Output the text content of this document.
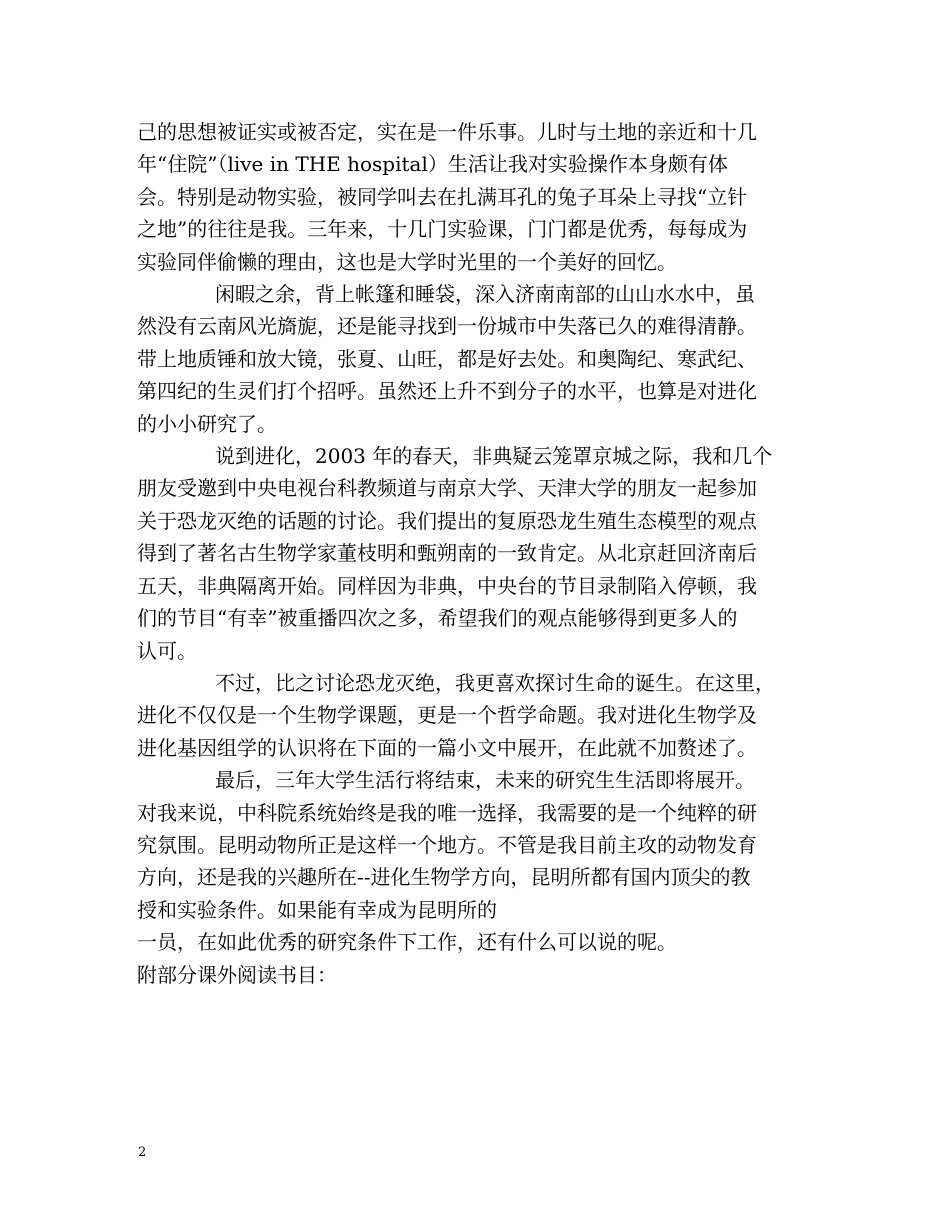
己的思想被证实或被否定，实在是一件乐事。儿时与土地的亲近和十几
年“住院”（live in THE hospital）生活让我对实验操作本身颇有体
会。特别是动物实验，被同学叫去在扎满耳孔的兔子耳朵上寻找“立针
之地”的往往是我。三年来，十几门实验课，门门都是优秀，每每成为
实验同伴偷懒的理由，这也是大学时光里的一个美好的回忆。

闲暇之余，背上帐篷和睡袋，深入济南南部的山山水水中，虽
然没有云南风光旖旎，还是能寻找到一份城市中失落已久的难得清静。
带上地质锤和放大镜，张夏、山旺，都是好去处。和奥陶纪、寒武纪、
第四纪的生灵们打个招呼。虽然还上升不到分子的水平，也算是对进化
的小小研究了。

说到进化，2003 年的春天，非典疑云笼罩京城之际，我和几个
朋友受邀到中央电视台科教频道与南京大学、天津大学的朋友一起参加
关于恐龙灭绝的话题的讨论。我们提出的复原恐龙生殖生态模型的观点
得到了著名古生物学家董枝明和甄朔南的一致肯定。从北京赶回济南后
五天，非典隔离开始。同样因为非典，中央台的节目录制陷入停顿，我
们的节目“有幸”被重播四次之多，希望我们的观点能够得到更多人的
认可。

不过，比之讨论恐龙灭绝，我更喜欢探讨生命的诞生。在这里，
进化不仅仅是一个生物学课题，更是一个哲学命题。我对进化生物学及
进化基因组学的认识将在下面的一篇小文中展开，在此就不加赘述了。

最后，三年大学生活行将结束，未来的研究生生活即将展开。
对我来说，中科院系统始终是我的唯一选择，我需要的是一个纯粹的研
究氛围。昆明动物所正是这样一个地方。不管是我目前主攻的动物发育
方向，还是我的兴趣所在--进化生物学方向，昆明所都有国内顶尖的教
授和实验条件。如果能有幸成为昆明所的

一员，在如此优秀的研究条件下工作，还有什么可以说的呢。

附部分课外阅读书目：

2
